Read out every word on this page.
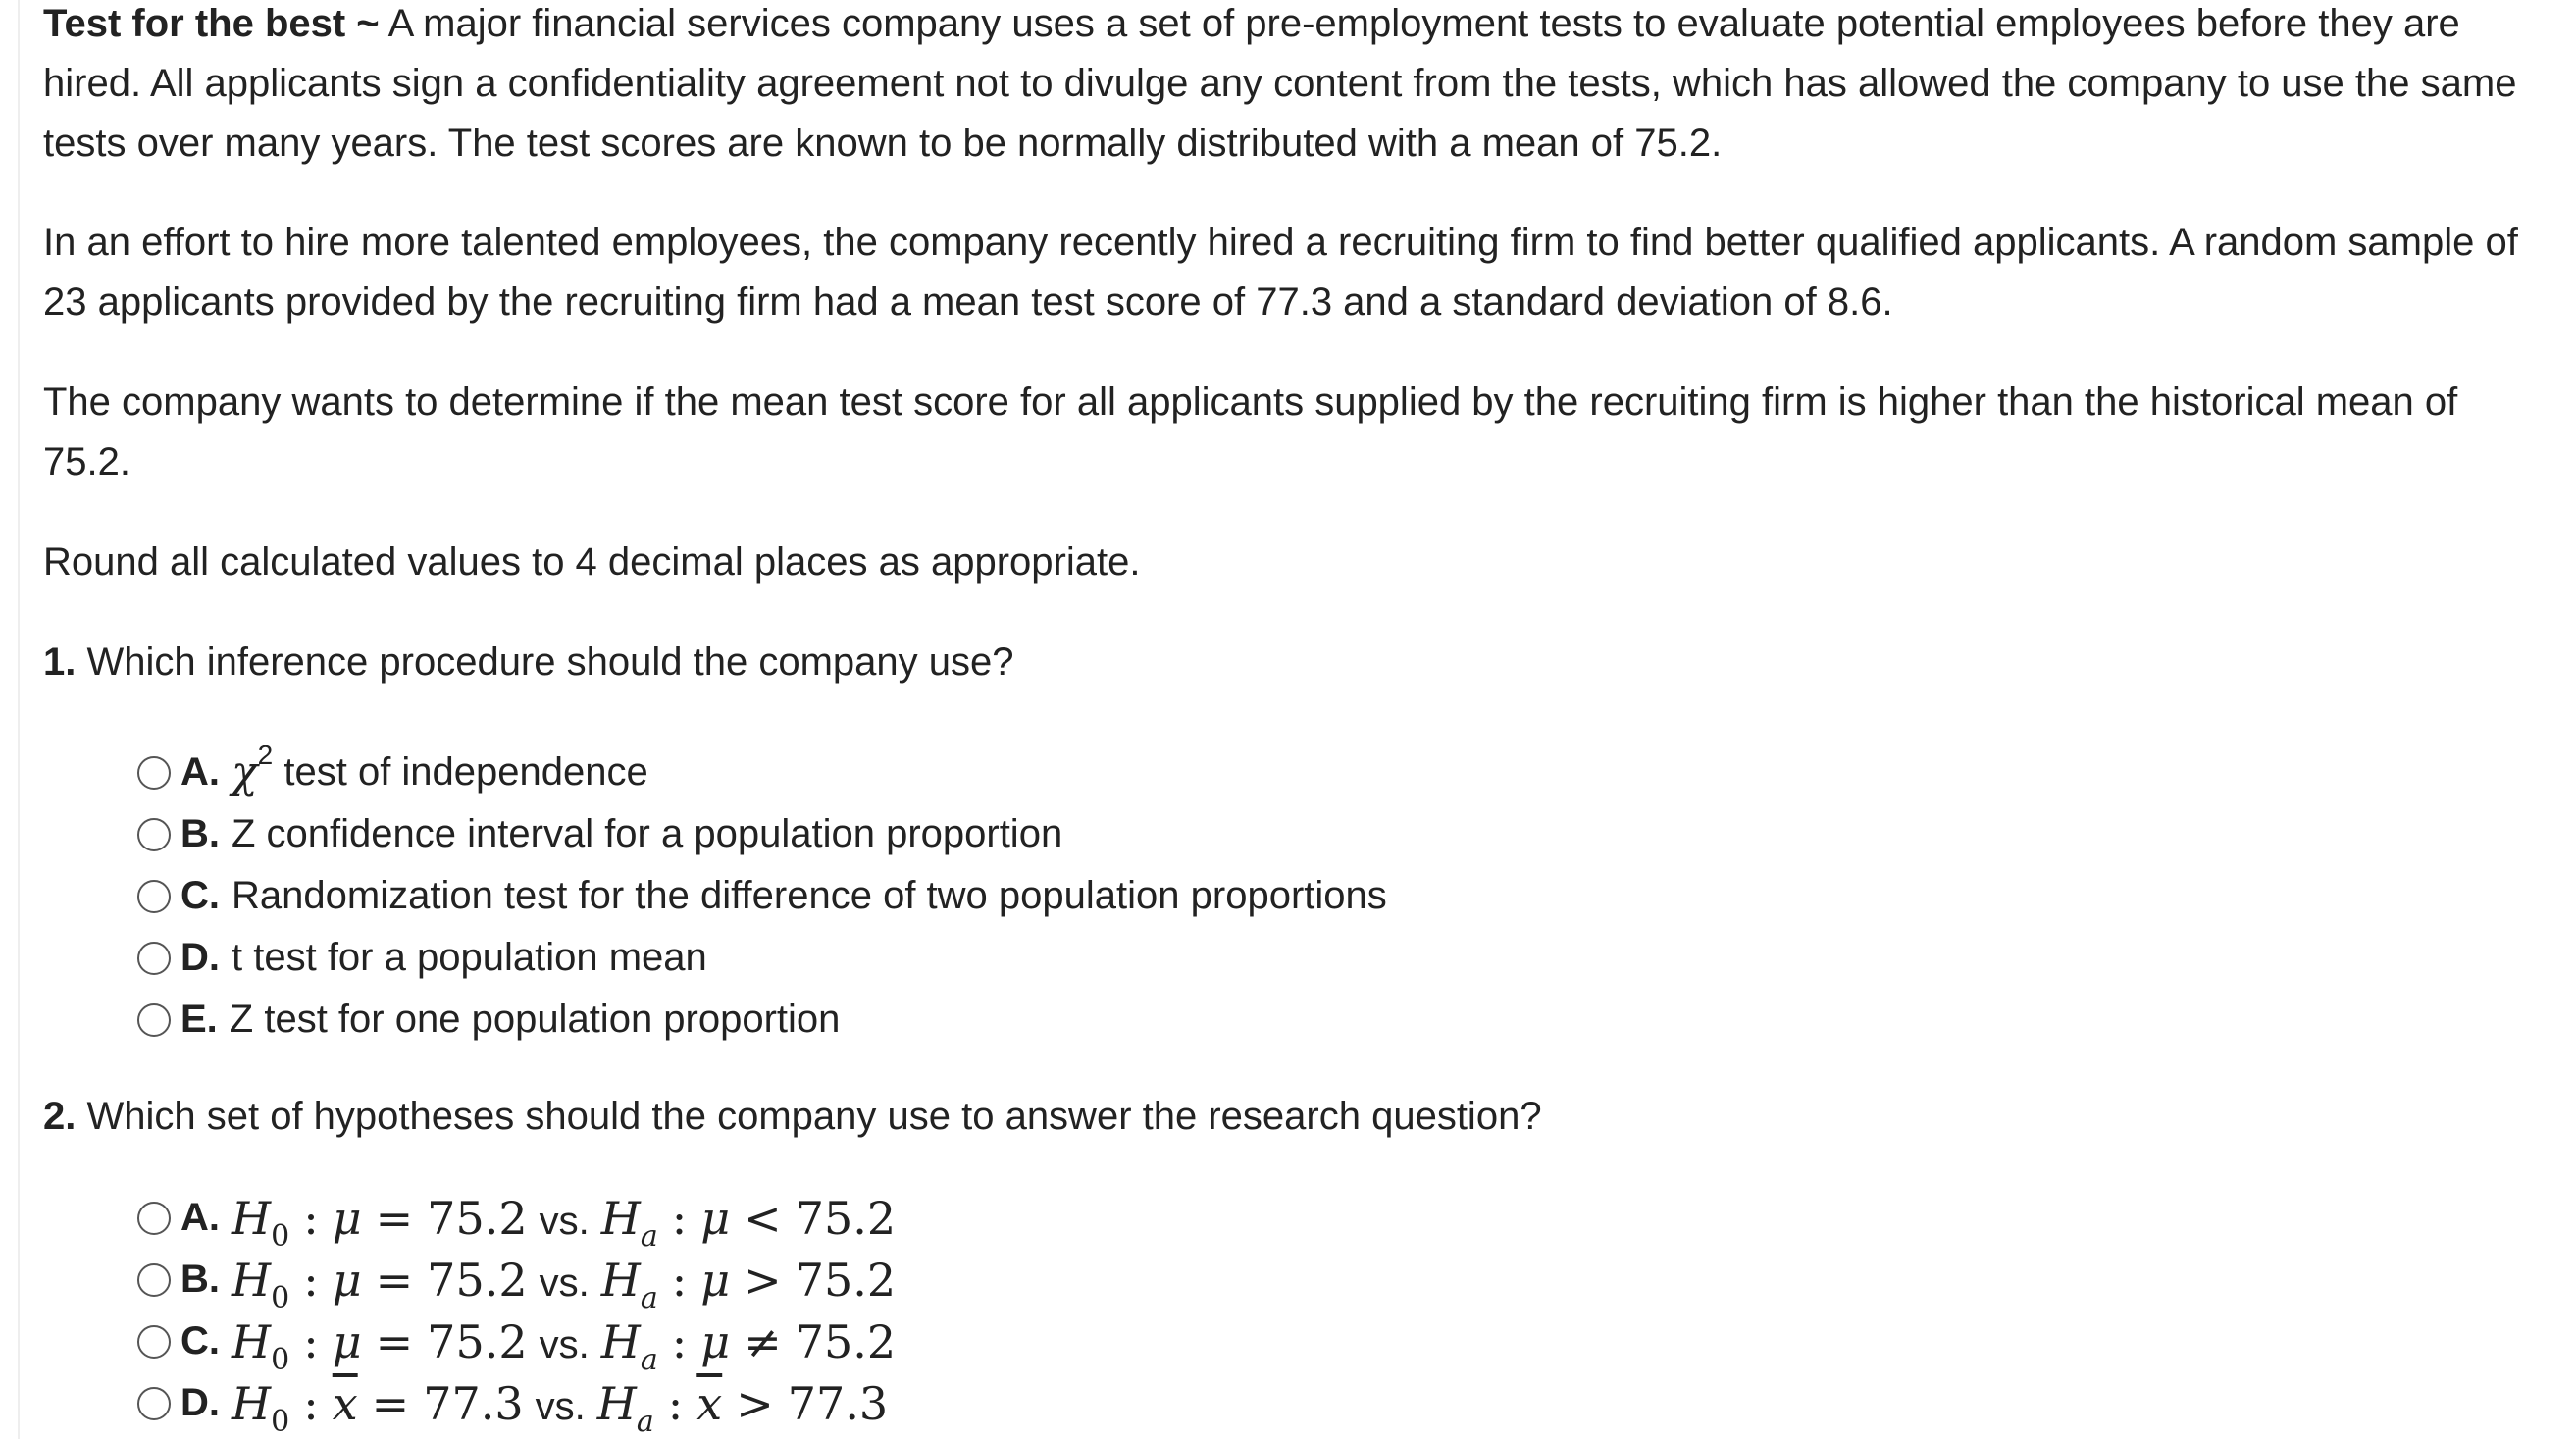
Test for the best ~ A major financial services company uses a set of pre-employment tests to evaluate potential employees before they are hired. All applicants sign a confidentiality agreement not to divulge any content from the tests, which has allowed the company to use the same tests over many years. The test scores are known to be normally distributed with a mean of 75.2.

In an effort to hire more talented employees, the company recently hired a recruiting firm to find better qualified applicants. A random sample of 23 applicants provided by the recruiting firm had a mean test score of 77.3 and a standard deviation of 8.6.

The company wants to determine if the mean test score for all applicants supplied by the recruiting firm is higher than the historical mean of 75.2.

Round all calculated values to 4 decimal places as appropriate.

1. Which inference procedure should the company use?

A. χ 2 test of independence
B. Z confidence interval for a population proportion
C. Randomization test for the difference of two population proportions
D. t test for a population mean
E. Z test for one population proportion

2. Which set of hypotheses should the company use to answer the research question?

A. $H_0$ : μ = 75.2 vs. $H_a$ : μ < 75.2
B. $H_0$ : μ = 75.2 vs. $H_a$ : μ > 75.2
C. $H_0$ : μ = 75.2 vs. $H_a$ : μ ≠ 75.2
D. $H_0$ : $\overline{x} = 77.3$ vs. $H_a$ : $\overline{x} > 77.3$
